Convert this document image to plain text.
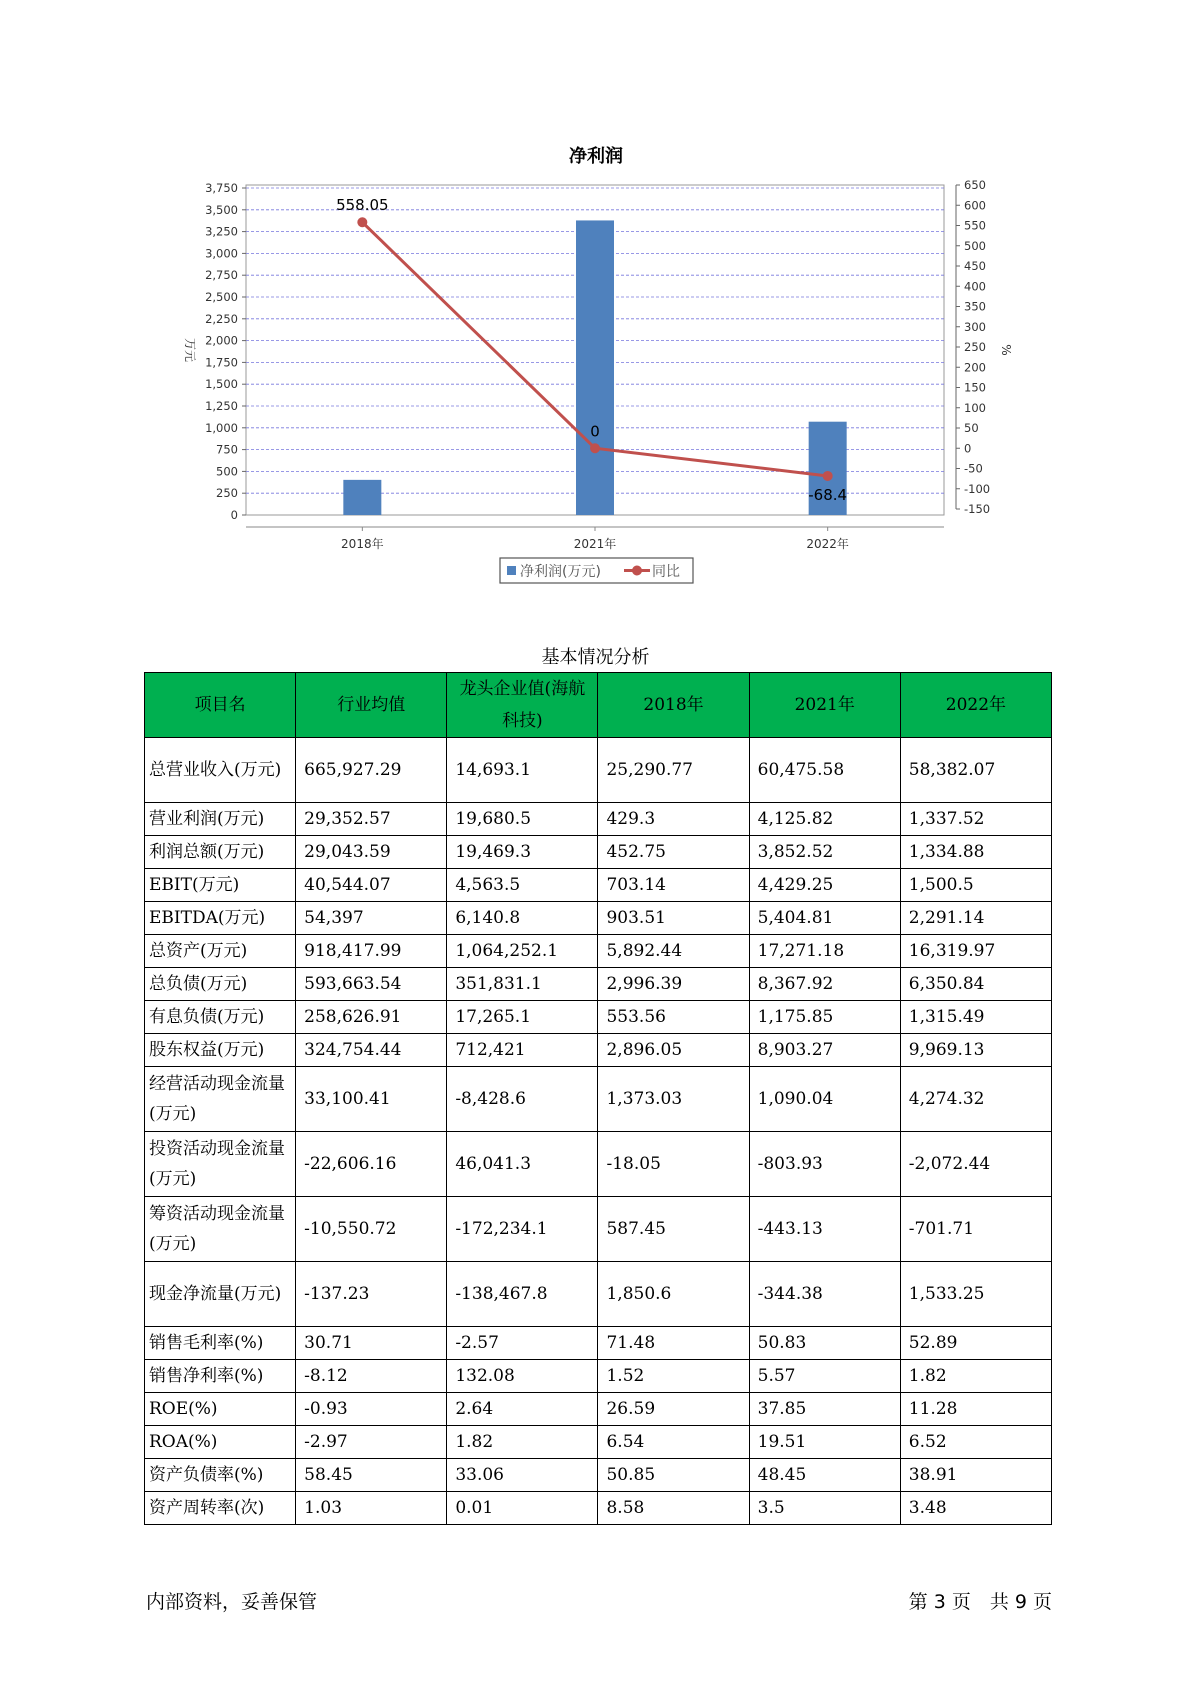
净利润
0
250
500
750
1,000
1,250
1,500
1,750
2,000
2,250
2,500
2,750
3,000
3,250
3,500
3,750
-150
-100
-50
0
50
100
150
200
250
300
350
400
450
500
550
600
650
万元	%
2018年	2021年	2022年
558.05
0
-68.4
净利润(万元)	同比
基本情况分析
项目名	行业均值	龙头企业值(海航科技)	2018年	2021年	2022年
总营业收入(万元)	665,927.29	14,693.1	25,290.77	60,475.58	58,382.07
营业利润(万元)	29,352.57	19,680.5	429.3	4,125.82	1,337.52
利润总额(万元)	29,043.59	19,469.3	452.75	3,852.52	1,334.88
EBIT(万元)	40,544.07	4,563.5	703.14	4,429.25	1,500.5
EBITDA(万元)	54,397	6,140.8	903.51	5,404.81	2,291.14
总资产(万元)	918,417.99	1,064,252.1	5,892.44	17,271.18	16,319.97
总负债(万元)	593,663.54	351,831.1	2,996.39	8,367.92	6,350.84
有息负债(万元)	258,626.91	17,265.1	553.56	1,175.85	1,315.49
股东权益(万元)	324,754.44	712,421	2,896.05	8,903.27	9,969.13
经营活动现金流量(万元)	33,100.41	-8,428.6	1,373.03	1,090.04	4,274.32
投资活动现金流量(万元)	-22,606.16	46,041.3	-18.05	-803.93	-2,072.44
筹资活动现金流量(万元)	-10,550.72	-172,234.1	587.45	-443.13	-701.71
现金净流量(万元)	-137.23	-138,467.8	1,850.6	-344.38	1,533.25
销售毛利率(%)	30.71	-2.57	71.48	50.83	52.89
销售净利率(%)	-8.12	132.08	1.52	5.57	1.82
ROE(%)	-0.93	2.64	26.59	37.85	11.28
ROA(%)	-2.97	1.82	6.54	19.51	6.52
资产负债率(%)	58.45	33.06	50.85	48.45	38.91
资产周转率(次)	1.03	0.01	8.58	3.5	3.48
内部资料，妥善保管	第 3 页　共 9 页
